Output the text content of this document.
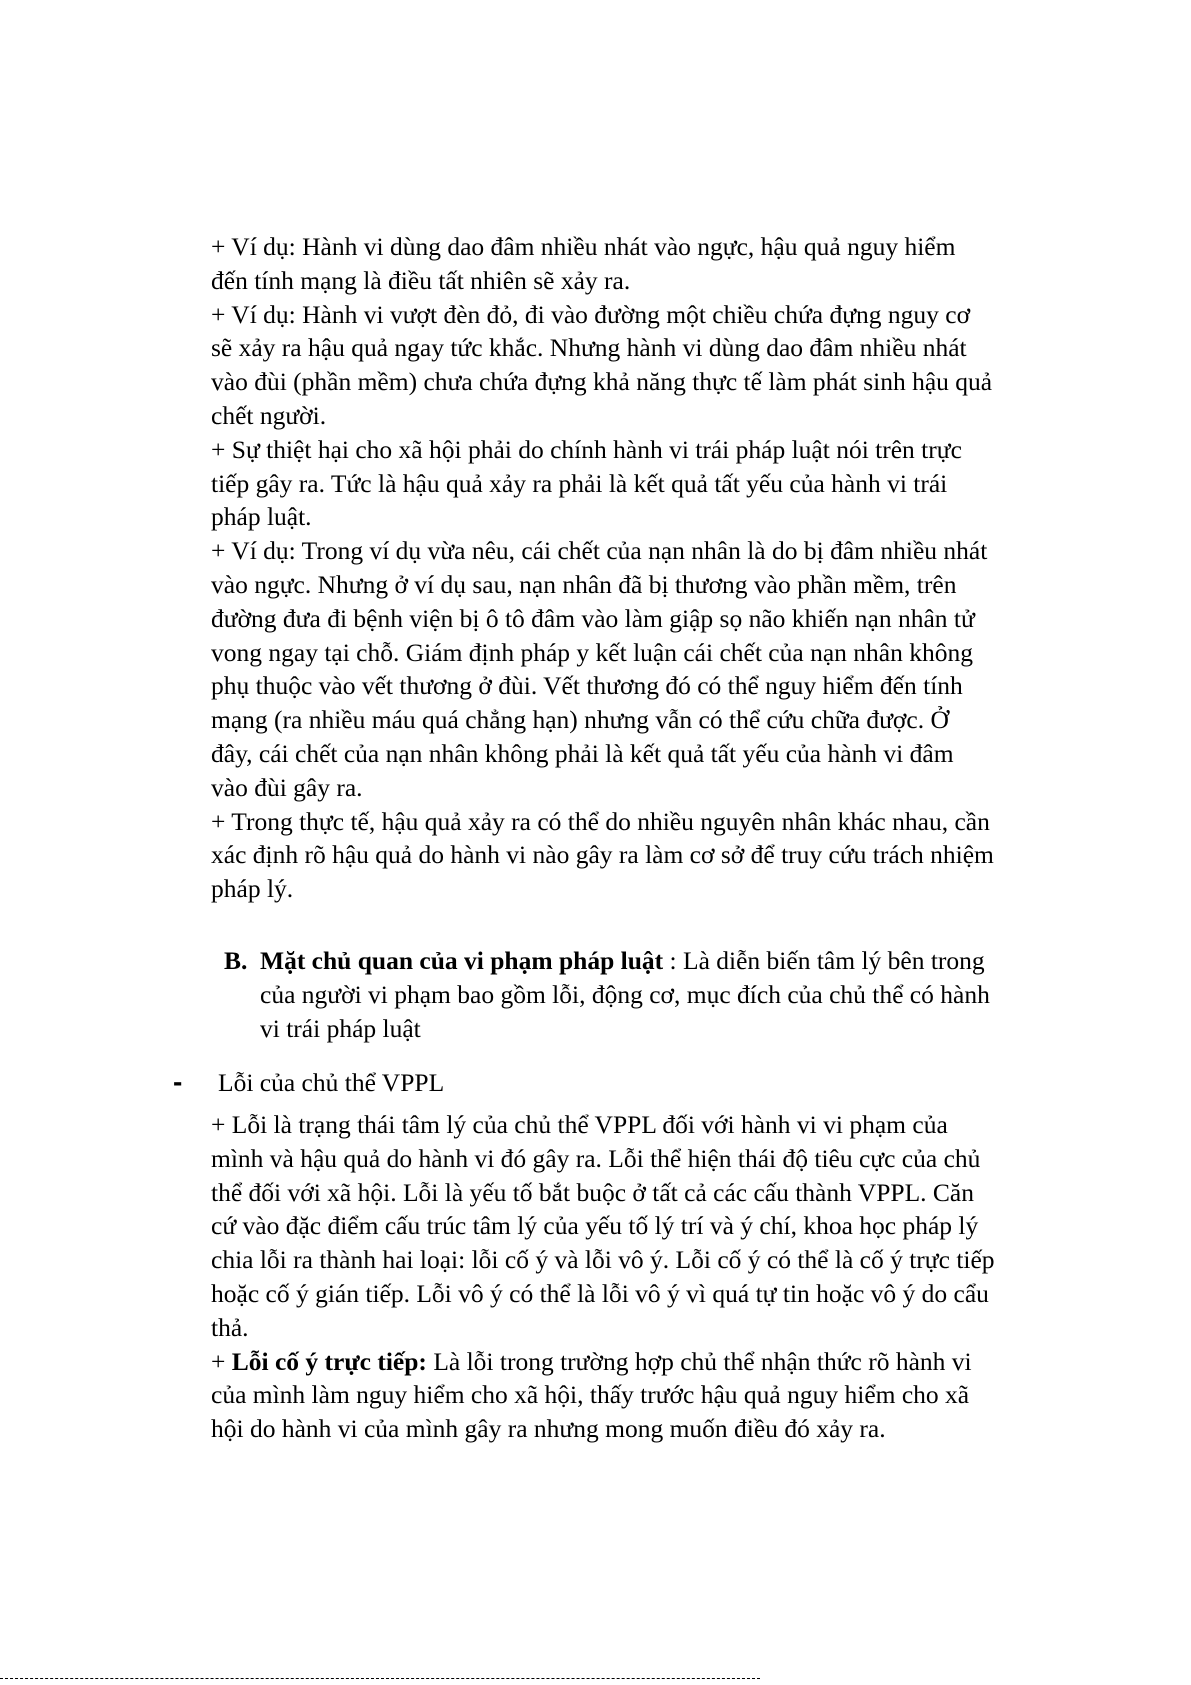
+ Ví dụ: Hành vi dùng dao đâm nhiều nhát vào ngực, hậu quả nguy hiểm

đến tính mạng là điều tất nhiên sẽ xảy ra.

+ Ví dụ: Hành vi vượt đèn đỏ, đi vào đường một chiều chứa đựng nguy cơ

sẽ xảy ra hậu quả ngay tức khắc. Nhưng hành vi dùng dao đâm nhiều nhát

vào đùi (phần mềm) chưa chứa đựng khả năng thực tế làm phát sinh hậu quả

chết người.

+ Sự thiệt hại cho xã hội phải do chính hành vi trái pháp luật nói trên trực

tiếp gây ra. Tức là hậu quả xảy ra phải là kết quả tất yếu của hành vi trái

pháp luật.

+ Ví dụ: Trong ví dụ vừa nêu, cái chết của nạn nhân là do bị đâm nhiều nhát

vào ngực. Nhưng ở ví dụ sau, nạn nhân đã bị thương vào phần mềm, trên

đường đưa đi bệnh viện bị ô tô đâm vào làm giập sọ não khiến nạn nhân tử

vong ngay tại chỗ. Giám định pháp y kết luận cái chết của nạn nhân không

phụ thuộc vào vết thương ở đùi. Vết thương đó có thể nguy hiểm đến tính

mạng (ra nhiều máu quá chẳng hạn) nhưng vẫn có thể cứu chữa được. Ở

đây, cái chết của nạn nhân không phải là kết quả tất yếu của hành vi đâm

vào đùi gây ra.

+ Trong thực tế, hậu quả xảy ra có thể do nhiều nguyên nhân khác nhau, cần

xác định rõ hậu quả do hành vi nào gây ra làm cơ sở để truy cứu trách nhiệm

pháp lý.

B. Mặt chủ quan của vi phạm pháp luật : Là diễn biến tâm lý bên trong

của người vi phạm bao gồm lỗi, động cơ, mục đích của chủ thể có hành

vi trái pháp luật

- Lỗi của chủ thể VPPL

+ Lỗi là trạng thái tâm lý của chủ thể VPPL đối với hành vi vi phạm của

mình và hậu quả do hành vi đó gây ra. Lỗi thể hiện thái độ tiêu cực của chủ

thể đối với xã hội. Lỗi là yếu tố bắt buộc ở tất cả các cấu thành VPPL. Căn

cứ vào đặc điểm cấu trúc tâm lý của yếu tố lý trí và ý chí, khoa học pháp lý

chia lỗi ra thành hai loại: lỗi cố ý và lỗi vô ý. Lỗi cố ý có thể là cố ý trực tiếp

hoặc cố ý gián tiếp. Lỗi vô ý có thể là lỗi vô ý vì quá tự tin hoặc vô ý do cẩu

thả.

+ Lỗi cố ý trực tiếp: Là lỗi trong trường hợp chủ thể nhận thức rõ hành vi

của mình làm nguy hiểm cho xã hội, thấy trước hậu quả nguy hiểm cho xã

hội do hành vi của mình gây ra nhưng mong muốn điều đó xảy ra.
